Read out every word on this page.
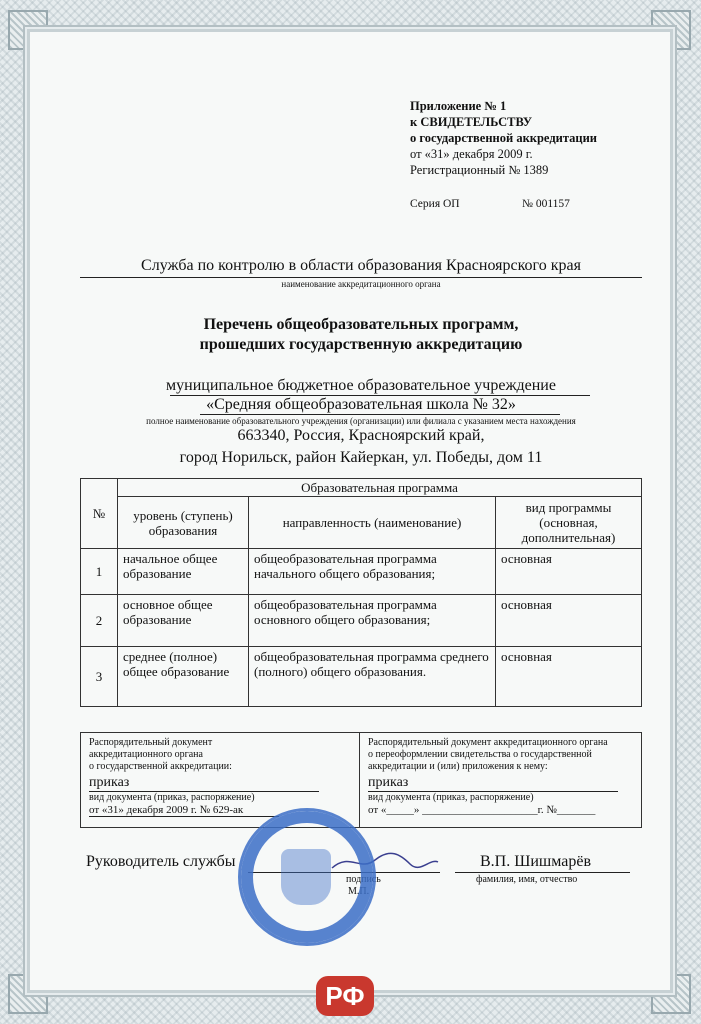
Приложение № 1
к СВИДЕТЕЛЬСТВУ
о государственной аккредитации
от «31» декабря 2009 г.
Регистрационный № 1389
Серия ОП	№ 001157
Служба по контролю в области образования Красноярского края
наименование аккредитационного органа
Перечень общеобразовательных программ,
прошедших государственную аккредитацию
муниципальное бюджетное образовательное учреждение
«Средняя общеобразовательная школа № 32»
полное наименование образовательного учреждения (организации) или филиала с указанием места нахождения
663340, Россия, Красноярский край,
город Норильск, район Кайеркан, ул. Победы, дом 11
№	Образовательная программа		
	уровень (ступень) образования	направленность (наименование)	вид программы (основная, дополнительная)
1	начальное общее образование	общеобразовательная программа начального общего образования;	основная
2	основное общее образование	общеобразовательная программа основного общего образования;	основная
3	среднее (полное) общее образование	общеобразовательная программа среднего (полного) общего образования.	основная
Распорядительный документ
аккредитационного органа
о государственной аккредитации:
приказ
вид документа (приказ, распоряжение)
от «31» декабря 2009 г. № 629-ак
Распорядительный документ аккредитационного органа
о переоформлении свидетельства о государственной
аккредитации и (или) приложения к нему:
приказ
вид документа (приказ, распоряжение)
от «_____» _____________________г. №_______
Руководитель службы
подпись
М.П.
В.П. Шишмарёв
фамилия, имя, отчество
РФ
